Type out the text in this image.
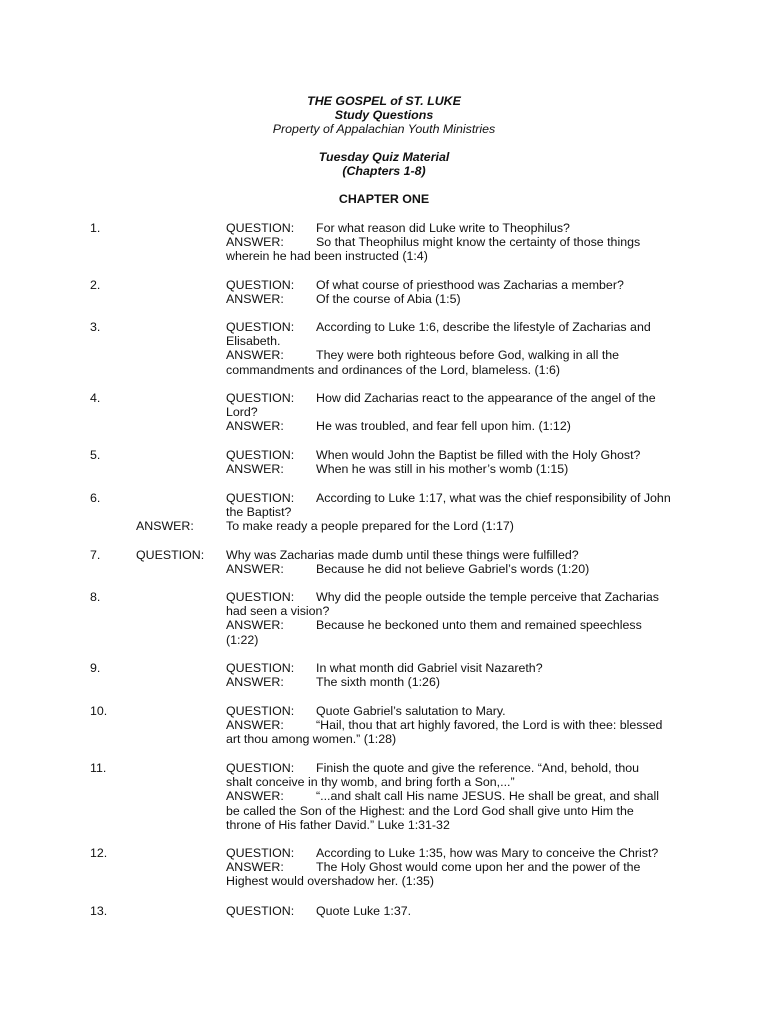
THE GOSPEL of ST. LUKE
Study Questions
Property of Appalachian Youth Ministries
Tuesday Quiz Material
(Chapters 1-8)
CHAPTER ONE
1.	QUESTION: For what reason did Luke write to Theophilus?
ANSWER:	So that Theophilus might know the certainty of those things
wherein he had been instructed (1:4)
2.	QUESTION: Of what course of priesthood was Zacharias a member?
ANSWER:	Of the course of Abia (1:5)
3.	QUESTION: According to Luke 1:6, describe the lifestyle of Zacharias and
Elisabeth.
ANSWER:	They were both righteous before God, walking in all the
commandments and ordinances of the Lord, blameless. (1:6)
4.	QUESTION: How did Zacharias react to the appearance of the angel of the
Lord?
ANSWER:	He was troubled, and fear fell upon him. (1:12)
5.	QUESTION: When would John the Baptist be filled with the Holy Ghost?
ANSWER:	When he was still in his mother’s womb (1:15)
6.	QUESTION: According to Luke 1:17, what was the chief responsibility of John
the Baptist?
ANSWER:	To make ready a people prepared for the Lord (1:17)
7.	QUESTION: Why was Zacharias made dumb until these things were fulfilled?
ANSWER:	Because he did not believe Gabriel’s words (1:20)
8.	QUESTION: Why did the people outside the temple perceive that Zacharias
had seen a vision?
ANSWER:	Because he beckoned unto them and remained speechless
(1:22)
9.	QUESTION: In what month did Gabriel visit Nazareth?
ANSWER:	The sixth month (1:26)
10.	QUESTION: Quote Gabriel’s salutation to Mary.
ANSWER:	“Hail, thou that art highly favored, the Lord is with thee: blessed
art thou among women.” (1:28)
11.	QUESTION: Finish the quote and give the reference. “And, behold, thou
shalt conceive in thy womb, and bring forth a Son,...”
ANSWER:	“...and shalt call His name JESUS. He shall be great, and shall
be called the Son of the Highest: and the Lord God shall give unto Him the
throne of His father David.” Luke 1:31-32
12.	QUESTION: According to Luke 1:35, how was Mary to conceive the Christ?
ANSWER:	The Holy Ghost would come upon her and the power of the
Highest would overshadow her. (1:35)
13.	QUESTION: Quote Luke 1:37.
